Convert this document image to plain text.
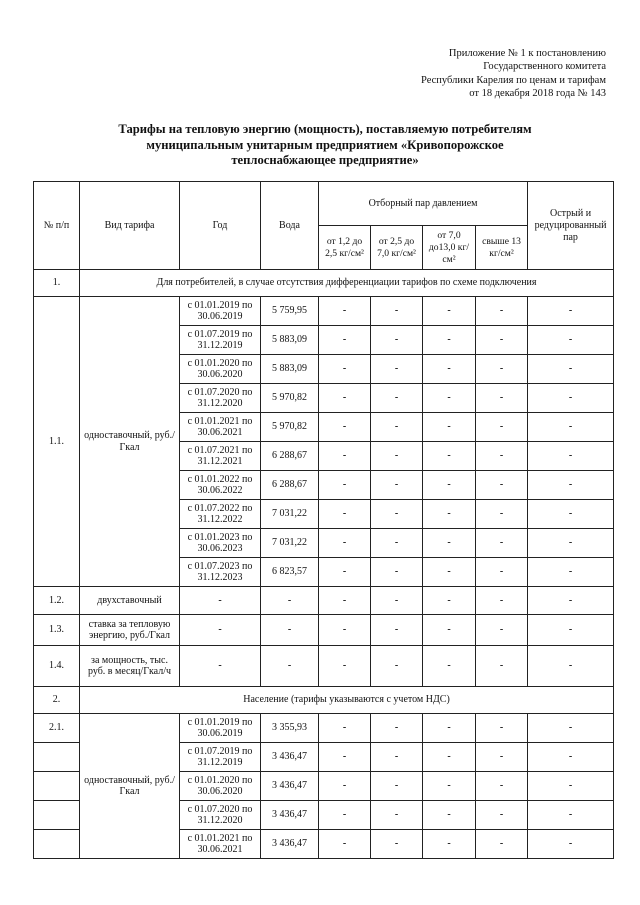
Приложение № 1 к постановлению
Государственного комитета
Республики Карелия по ценам и тарифам
от 18 декабря 2018 года № 143
Тарифы на тепловую энергию (мощность), поставляемую потребителям
муниципальным унитарным предприятием «Кривопорожское
теплоснабжающее предприятие»
№ п/п	Вид тарифа	Год	Вода	Отборный пар давлением				Острый и редуцированный пар
				от 1,2 до 2,5 кг/см²	от 2,5 до 7,0 кг/см²	от 7,0 до13,0 кг/см²	свыше 13 кг/см²	
1.	Для потребителей, в случае отсутствия дифференциации тарифов по схеме подключения							
1.1.	одноставочный, руб./Гкал	с 01.01.2019 по 30.06.2019	5 759,95	-	-	-	-	-
		с 01.07.2019 по 31.12.2019	5 883,09	-	-	-	-	-
		с 01.01.2020 по 30.06.2020	5 883,09	-	-	-	-	-
		с 01.07.2020 по 31.12.2020	5 970,82	-	-	-	-	-
		с 01.01.2021 по 30.06.2021	5 970,82	-	-	-	-	-
		с 01.07.2021 по 31.12.2021	6 288,67	-	-	-	-	-
		с 01.01.2022 по 30.06.2022	6 288,67	-	-	-	-	-
		с 01.07.2022 по 31.12.2022	7 031,22	-	-	-	-	-
		с 01.01.2023 по 30.06.2023	7 031,22	-	-	-	-	-
		с 01.07.2023 по 31.12.2023	6 823,57	-	-	-	-	-
1.2.	двухставочный	-	-	-	-	-	-	-
1.3.	ставка за тепловую энергию, руб./Гкал	-	-	-	-	-	-	-
1.4.	за мощность, тыс. руб. в месяц/Гкал/ч	-	-	-	-	-	-	-
2.	Население (тарифы указываются с учетом НДС)							
2.1.	одноставочный, руб./Гкал	с 01.01.2019 по 30.06.2019	3 355,93	-	-	-	-	-
		с 01.07.2019 по 31.12.2019	3 436,47	-	-	-	-	-
		с 01.01.2020 по 30.06.2020	3 436,47	-	-	-	-	-
		с 01.07.2020 по 31.12.2020	3 436,47	-	-	-	-	-
		с 01.01.2021 по 30.06.2021	3 436,47	-	-	-	-	-
